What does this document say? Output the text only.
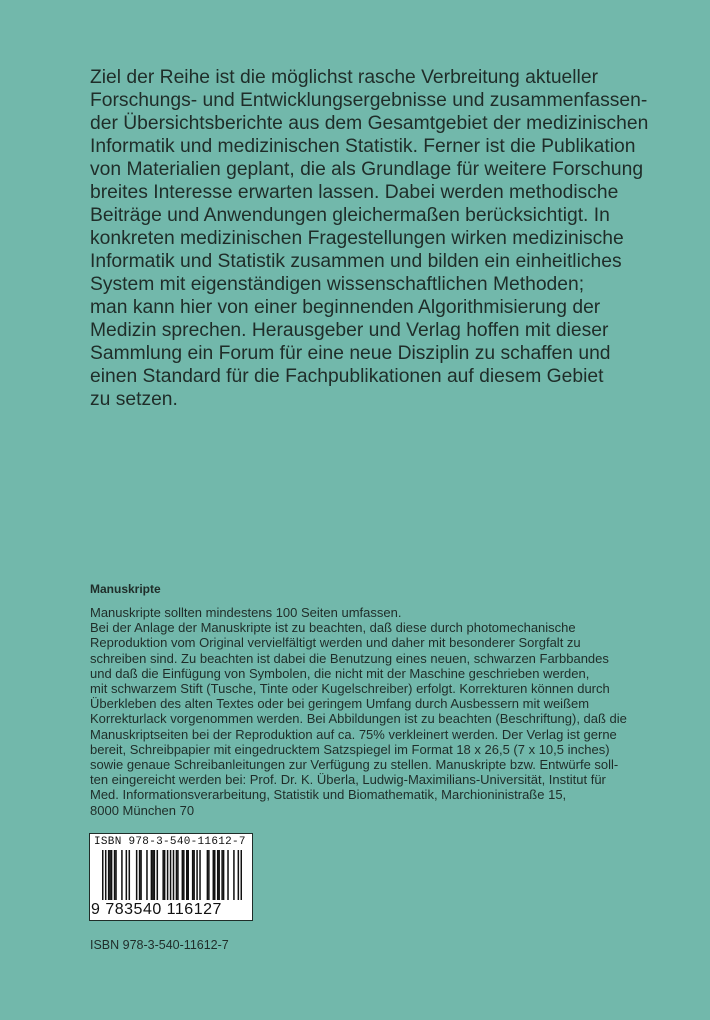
Ziel der Reihe ist die möglichst rasche Verbreitung aktueller
Forschungs- und Entwicklungsergebnisse und zusammenfassen-
der Übersichtsberichte aus dem Gesamtgebiet der medizinischen
Informatik und medizinischen Statistik. Ferner ist die Publikation
von Materialien geplant, die als Grundlage für weitere Forschung
breites Interesse erwarten lassen. Dabei werden methodische
Beiträge und Anwendungen gleichermaßen berücksichtigt. In
konkreten medizinischen Fragestellungen wirken medizinische
Informatik und Statistik zusammen und bilden ein einheitliches
System mit eigenständigen wissenschaftlichen Methoden;
man kann hier von einer beginnenden Algorithmisierung der
Medizin sprechen. Herausgeber und Verlag hoffen mit dieser
Sammlung ein Forum für eine neue Disziplin zu schaffen und
einen Standard für die Fachpublikationen auf diesem Gebiet
zu setzen.
Manuskripte
Manuskripte sollten mindestens 100 Seiten umfassen.
Bei der Anlage der Manuskripte ist zu beachten, daß diese durch photomechanische
Reproduktion vom Original vervielfältigt werden und daher mit besonderer Sorgfalt zu
schreiben sind. Zu beachten ist dabei die Benutzung eines neuen, schwarzen Farbbandes
und daß die Einfügung von Symbolen, die nicht mit der Maschine geschrieben werden,
mit schwarzem Stift (Tusche, Tinte oder Kugelschreiber) erfolgt. Korrekturen können durch
Überkleben des alten Textes oder bei geringem Umfang durch Ausbessern mit weißem
Korrekturlack vorgenommen werden. Bei Abbildungen ist zu beachten (Beschriftung), daß die
Manuskriptseiten bei der Reproduktion auf ca. 75% verkleinert werden. Der Verlag ist gerne
bereit, Schreibpapier mit eingedrucktem Satzspiegel im Format 18 x 26,5 (7 x 10,5 inches)
sowie genaue Schreibanleitungen zur Verfügung zu stellen. Manuskripte bzw. Entwürfe soll-
ten eingereicht werden bei: Prof. Dr. K. Überla, Ludwig-Maximilians-Universität, Institut für
Med. Informationsverarbeitung, Statistik und Biomathematik, Marchioninistraße 15,
8000 München 70
ISBN 978-3-540-11612-7
9 783540 116127
ISBN 978-3-540-11612-7
